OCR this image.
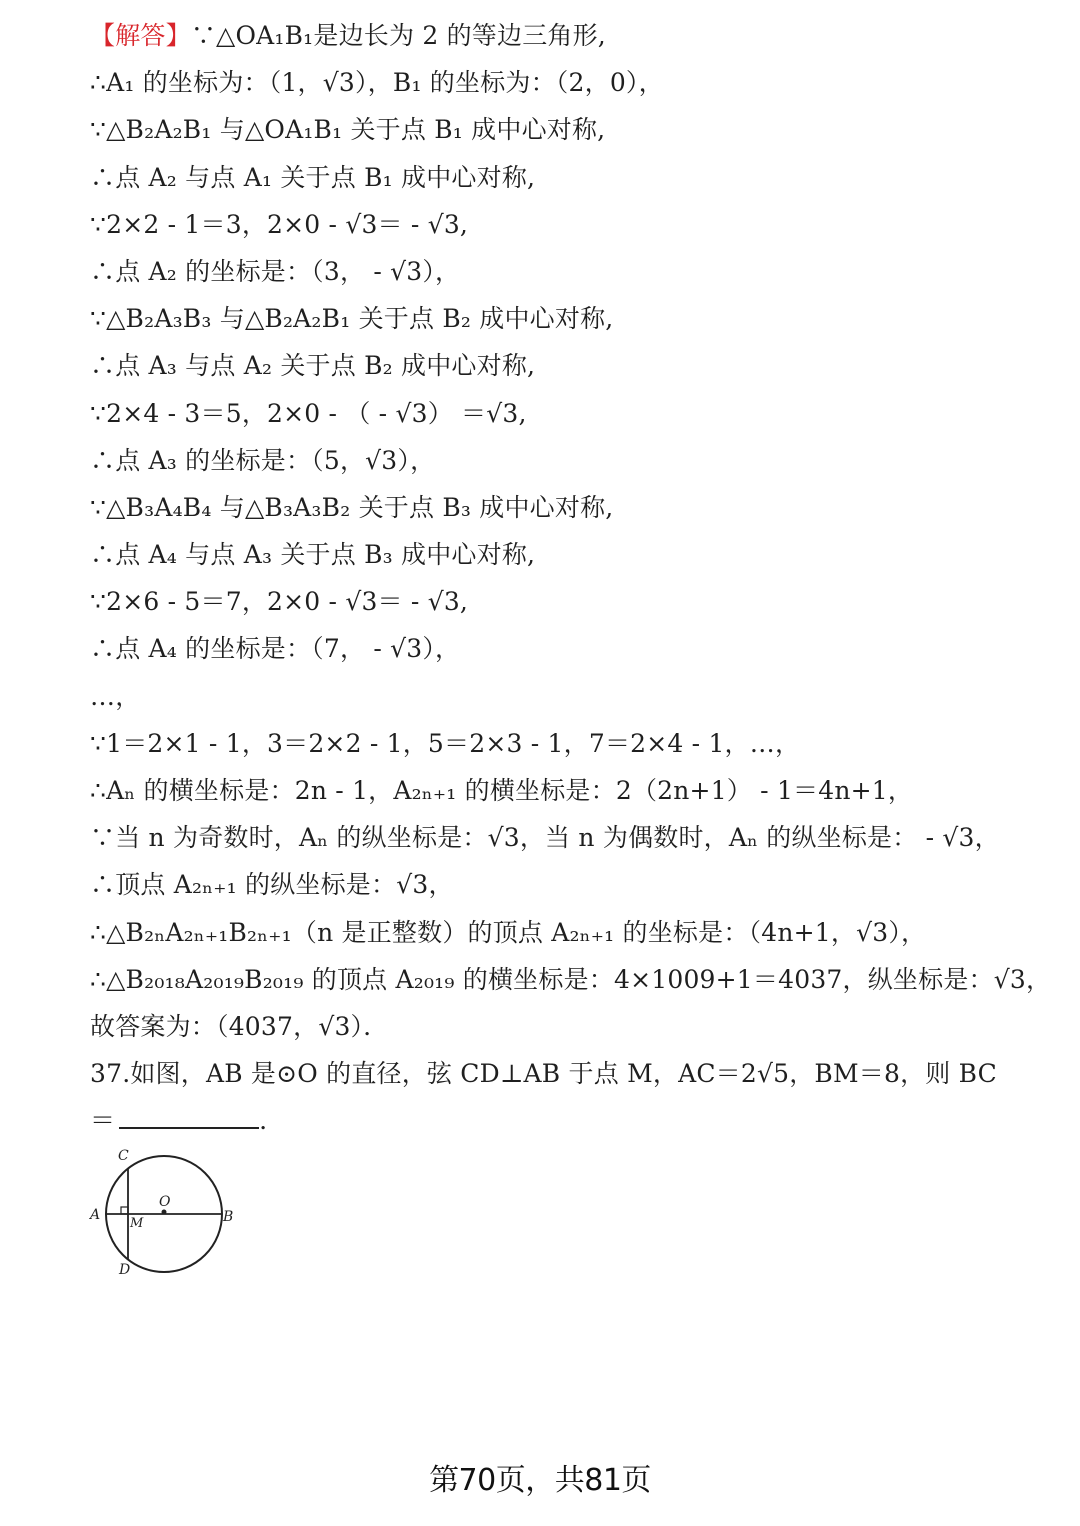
【解答】∵△OA₁B₁是边长为 2 的等边三角形,
∴A₁ 的坐标为：（1，√3），B₁ 的坐标为：（2，0），
∵△B₂A₂B₁ 与△OA₁B₁ 关于点 B₁ 成中心对称,
∴点 A₂ 与点 A₁ 关于点 B₁ 成中心对称,
∵2×2 - 1＝3，2×0 - √3＝ - √3,
∴点 A₂ 的坐标是：（3， - √3），
∵△B₂A₃B₃ 与△B₂A₂B₁ 关于点 B₂ 成中心对称,
∴点 A₃ 与点 A₂ 关于点 B₂ 成中心对称,
∵2×4 - 3＝5，2×0 - （ - √3） ＝√3,
∴点 A₃ 的坐标是：（5，√3），
∵△B₃A₄B₄ 与△B₃A₃B₂ 关于点 B₃ 成中心对称,
∴点 A₄ 与点 A₃ 关于点 B₃ 成中心对称,
∵2×6 - 5＝7，2×0 - √3＝ - √3,
∴点 A₄ 的坐标是：（7， - √3），
…，
∵1＝2×1 - 1，3＝2×2 - 1，5＝2×3 - 1，7＝2×4 - 1，…，
∴Aₙ 的横坐标是：2n - 1，A₂ₙ₊₁ 的横坐标是：2（2n+1） - 1＝4n+1，
∵当 n 为奇数时，Aₙ 的纵坐标是：√3，当 n 为偶数时，Aₙ 的纵坐标是： - √3，
∴顶点 A₂ₙ₊₁ 的纵坐标是：√3，
∴△B₂ₙA₂ₙ₊₁B₂ₙ₊₁（n 是正整数）的顶点 A₂ₙ₊₁ 的坐标是：（4n+1，√3），
∴△B₂₀₁₈A₂₀₁₉B₂₀₁₉ 的顶点 A₂₀₁₉ 的横坐标是：4×1009+1＝4037，纵坐标是：√3，
故答案为：（4037，√3）．
37.如图，AB 是⊙O 的直径，弦 CD⊥AB 于点 M，AC＝2√5，BM＝8，则 BC
＝	．
C
A
O
M	B
D
第70页，共81页
